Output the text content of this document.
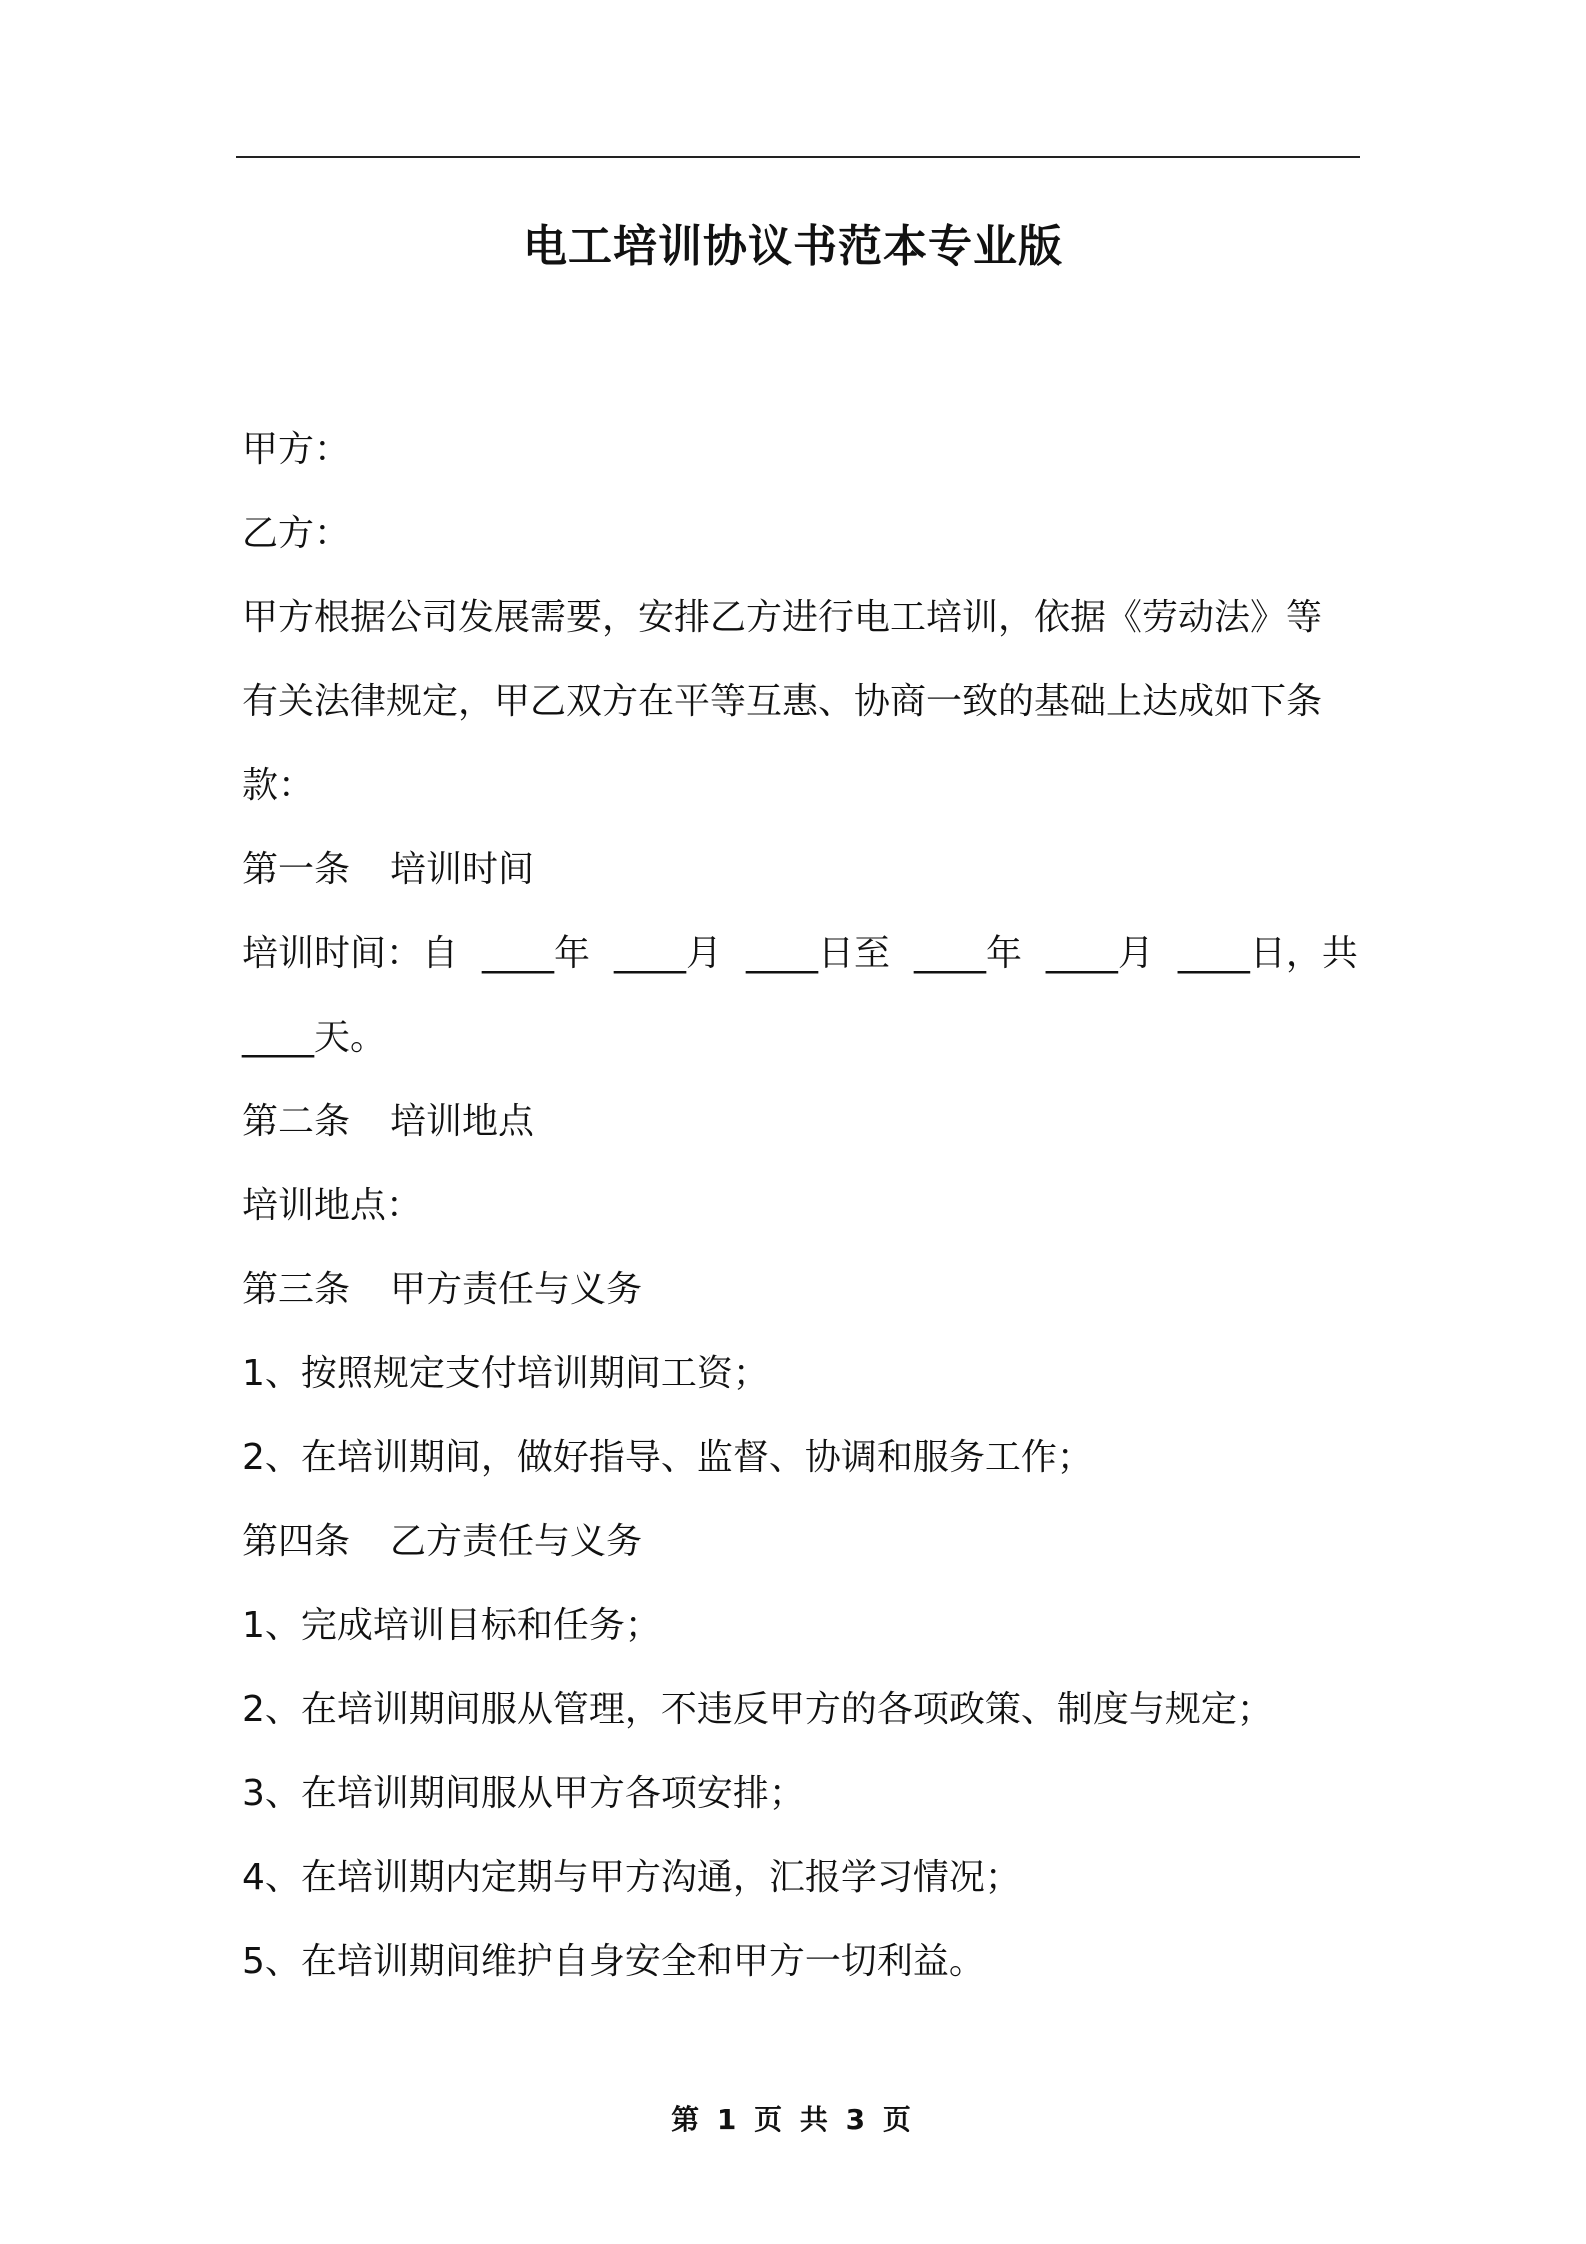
电工培训协议书范本专业版
甲方：
乙方：
甲方根据公司发展需要，安排乙方进行电工培训，依据《劳动法》等
有关法律规定，甲乙双方在平等互惠、协商一致的基础上达成如下条
款：
第一条 培训时间
培训时间：自 ____年 ____月 ____日至 ____年 ____月 ____日，共
____天。
第二条 培训地点
培训地点：
第三条 甲方责任与义务
1、按照规定支付培训期间工资；
2、在培训期间，做好指导、监督、协调和服务工作；
第四条 乙方责任与义务
1、完成培训目标和任务；
2、在培训期间服从管理，不违反甲方的各项政策、制度与规定；
3、在培训期间服从甲方各项安排；
4、在培训期内定期与甲方沟通，汇报学习情况；
5、在培训期间维护自身安全和甲方一切利益。
第 1 页 共 3 页
